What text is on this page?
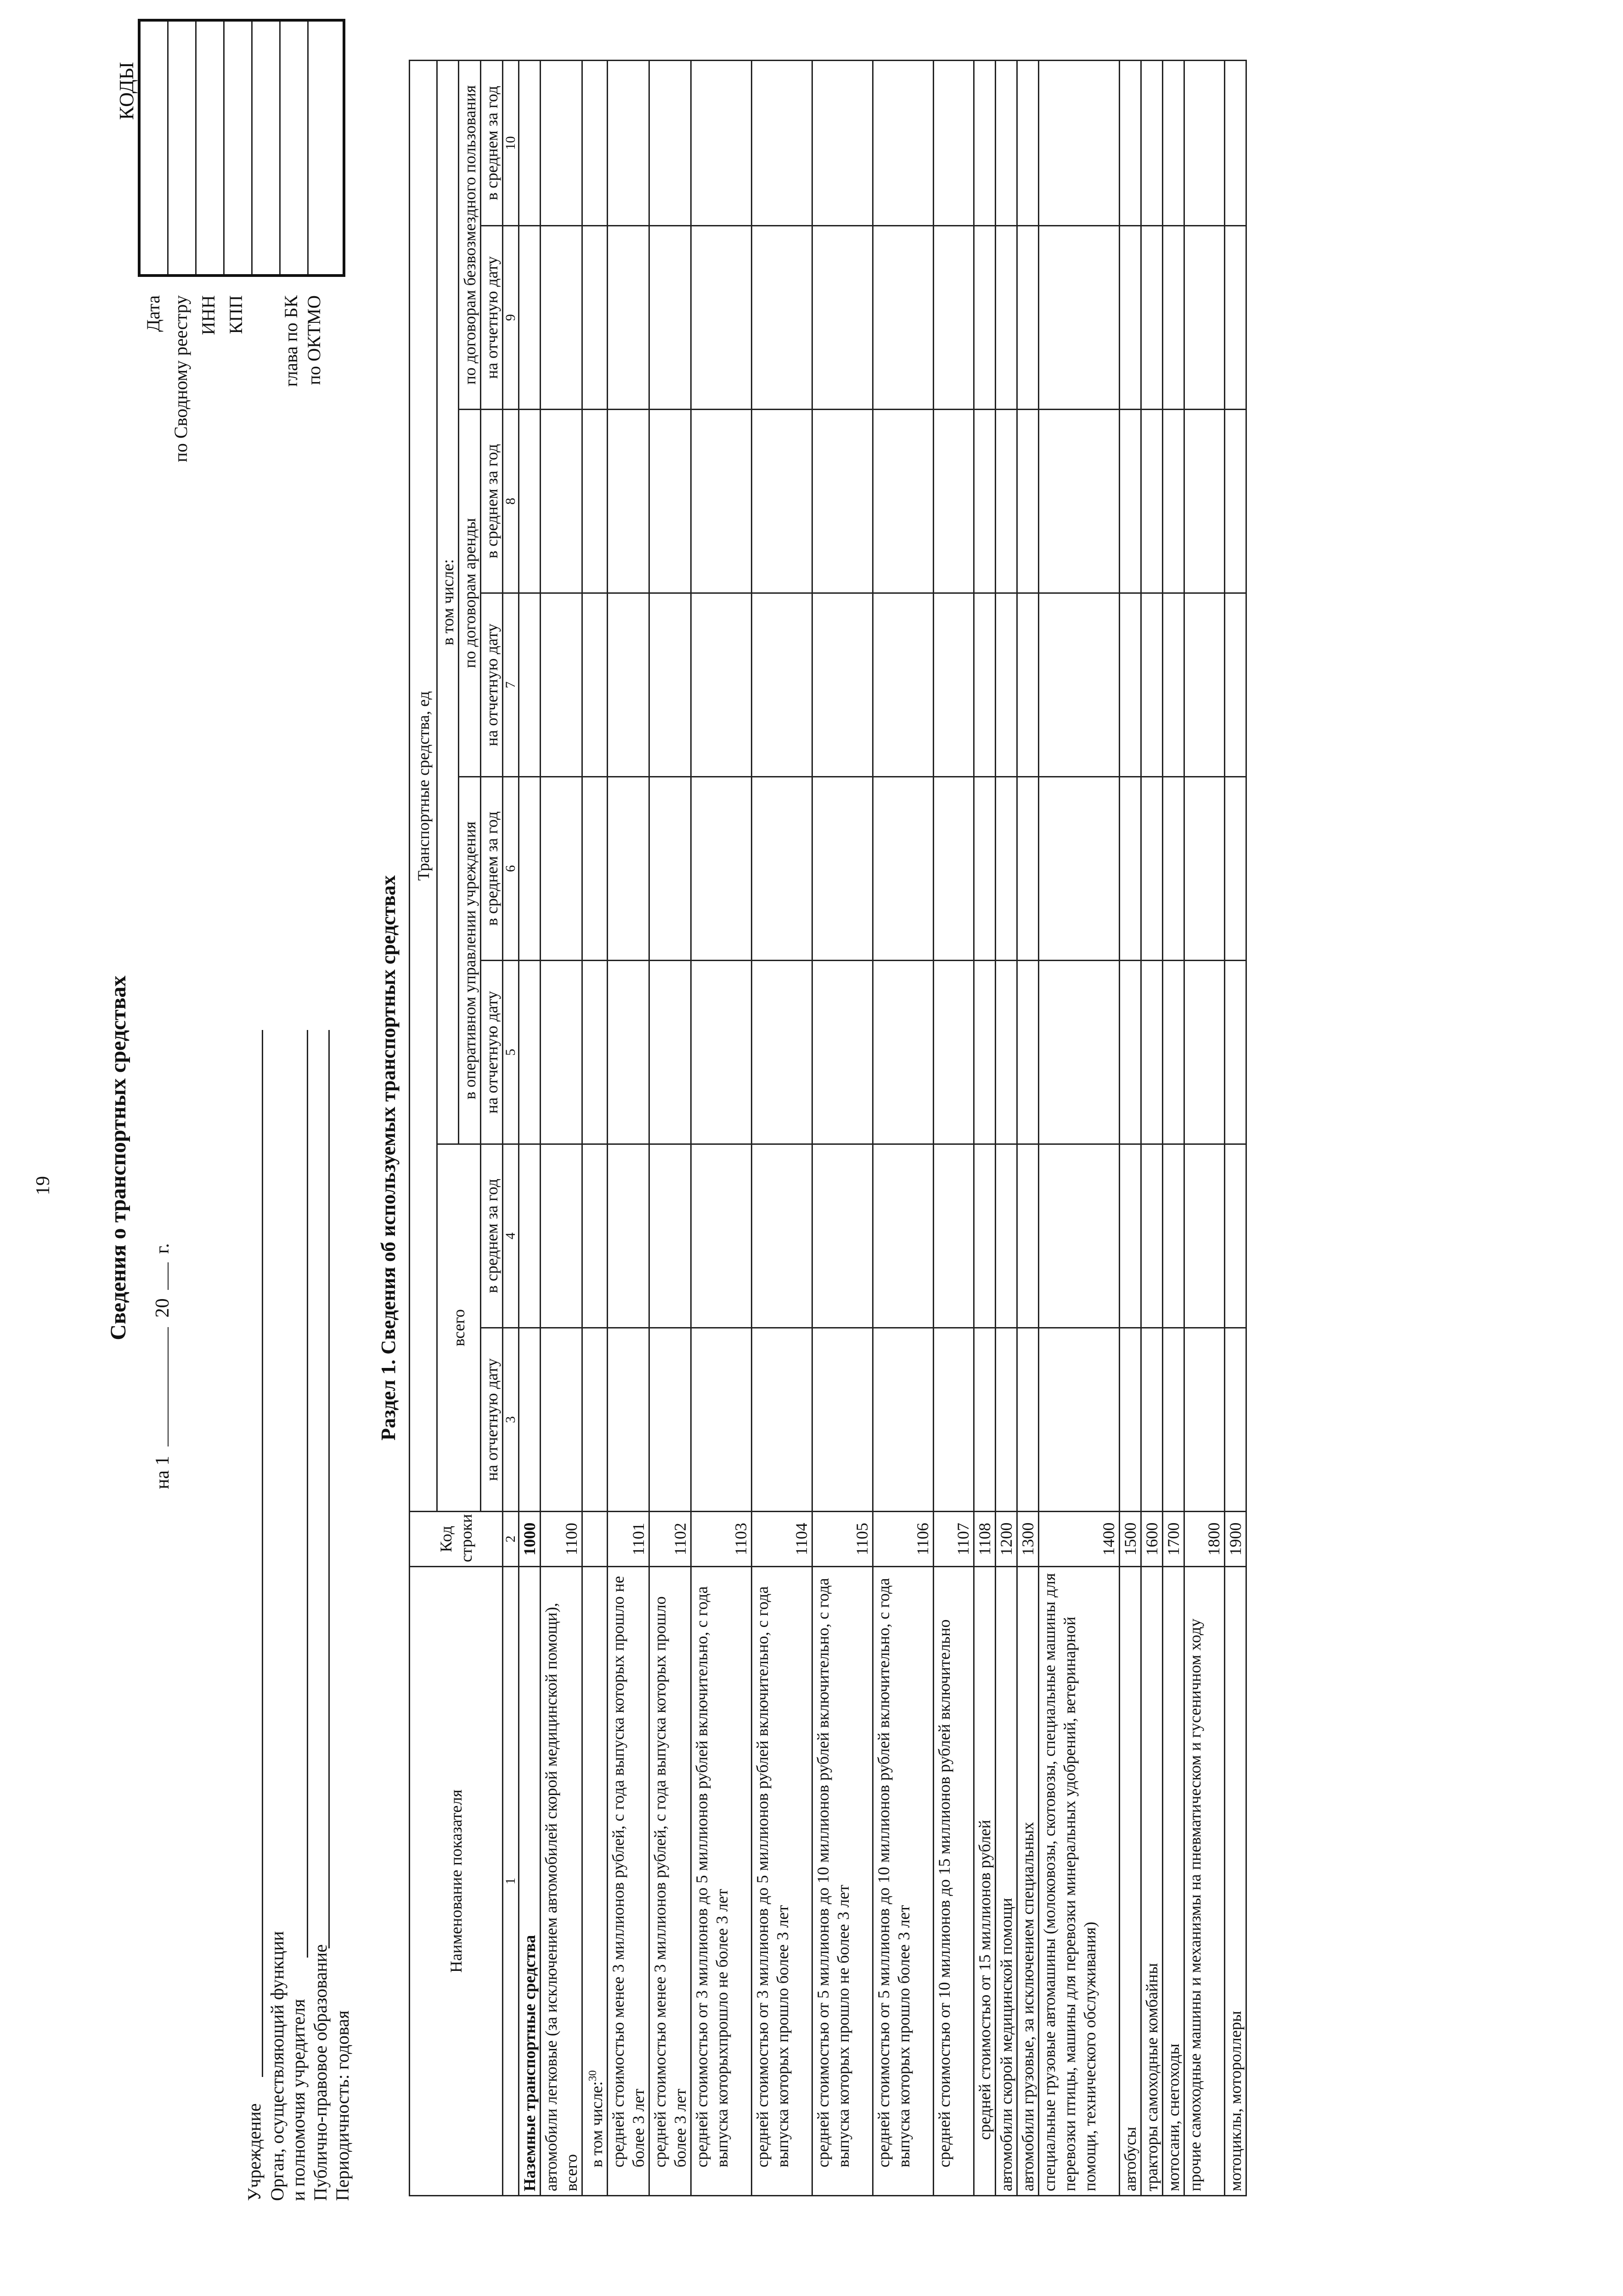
19 Сведения о транспортных средствах
на 1  20  г.
Учреждение Орган, осуществляющий функции и полномочия учредителя Публично-правовое образование Периодичность: годовая
КОДЫ
Дата по Сводному реестру ИНН КПП глава по БК по ОКТМО
Раздел 1. Сведения об используемых транспортных средствах
Наименование показателя	Код строки	Транспортные средства, ед							
		всего		в том числе:					
				в оперативном управлении учреждения		по договорам аренды		по договорам безвозмездного пользования	

		на отчетную дату	в среднем за год	на отчетную дату	в среднем за год	на отчетную дату	в среднем за год	на отчетную дату	в среднем за год
1	2	3	4	5	6	7	8	9	10
Наземные транспортные средства	1000								
автомобили легковые (за исключением автомобилей скорой медицинской помощи), всего	1100								
в том числе:$^{30}$									
средней стоимостью менее 3 миллионов рублей, с года выпуска которых прошло не более 3 лет	1101								
средней стоимостью менее 3 миллионов рублей, с года выпуска которых прошло более 3 лет	1102								
средней стоимостью от 3 миллионов до 5 миллионов рублей включительно, с года выпуска которыхпрошло не более 3 лет	1103								
средней стоимостью от 3 миллионов до 5 миллионов рублей включительно, с года выпуска которых прошло более 3 лет	1104								
средней стоимостью от 5 миллионов до 10 миллионов рублей включительно, с года выпуска которых прошло не более 3 лет	1105								
средней стоимостью от 5 миллионов до 10 миллионов рублей включительно, с года выпуска которых прошло более 3 лет	1106								
средней стоимостью от 10 миллионов до 15 миллионов рублей включительно	1107								
средней стоимостью от 15 миллионов рублей	1108								
автомобили скорой медицинской помощи	1200								
автомобили грузовые, за исключением специальных	1300								
специальные грузовые автомашины (молоковозы, скотовозы, специальные машины для перевозки птицы, машины для перевозки минеральных удобрений, ветеринарной помощи, технического обслуживания)	1400								
автобусы	1500								
тракторы самоходные комбайны	1600								
мотосани, снегоходы	1700								
прочие самоходные машины и механизмы на пневматическом и гусеничном ходу	1800								
мотоциклы, мотороллеры	1900								
